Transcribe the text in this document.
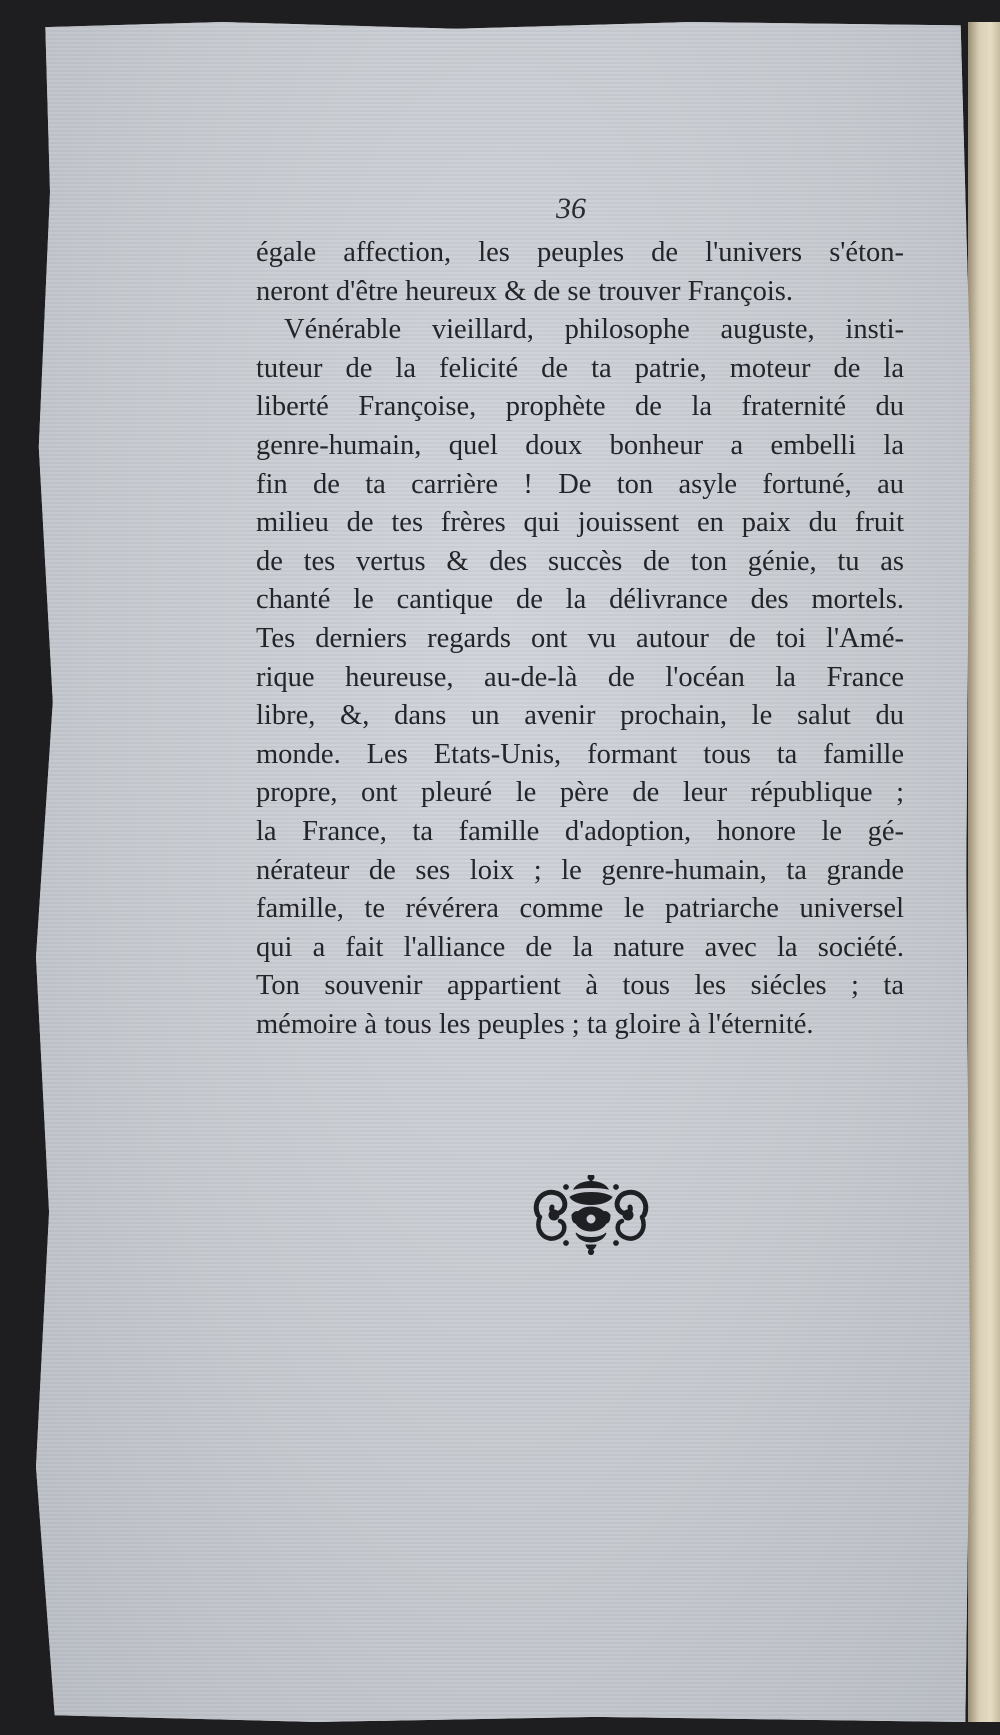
36
égale affection, les peuples de l'univers s'éton-
neront d'être heureux & de se trouver François.
Vénérable vieillard, philosophe auguste, insti-
tuteur de la felicité de ta patrie, moteur de la
liberté Françoise, prophète de la fraternité du
genre-humain, quel doux bonheur a embelli la
fin de ta carrière ! De ton asyle fortuné, au
milieu de tes frères qui jouissent en paix du fruit
de tes vertus & des succès de ton génie, tu as
chanté le cantique de la délivrance des mortels.
Tes derniers regards ont vu autour de toi l'Amé-
rique heureuse, au-de-là de l'océan la France
libre, &, dans un avenir prochain, le salut du
monde. Les Etats-Unis, formant tous ta famille
propre, ont pleuré le père de leur république ;
la France, ta famille d'adoption, honore le gé-
nérateur de ses loix ; le genre-humain, ta grande
famille, te révérera comme le patriarche universel
qui a fait l'alliance de la nature avec la société.
Ton souvenir appartient à tous les siécles ; ta
mémoire à tous les peuples ; ta gloire à l'éternité.
